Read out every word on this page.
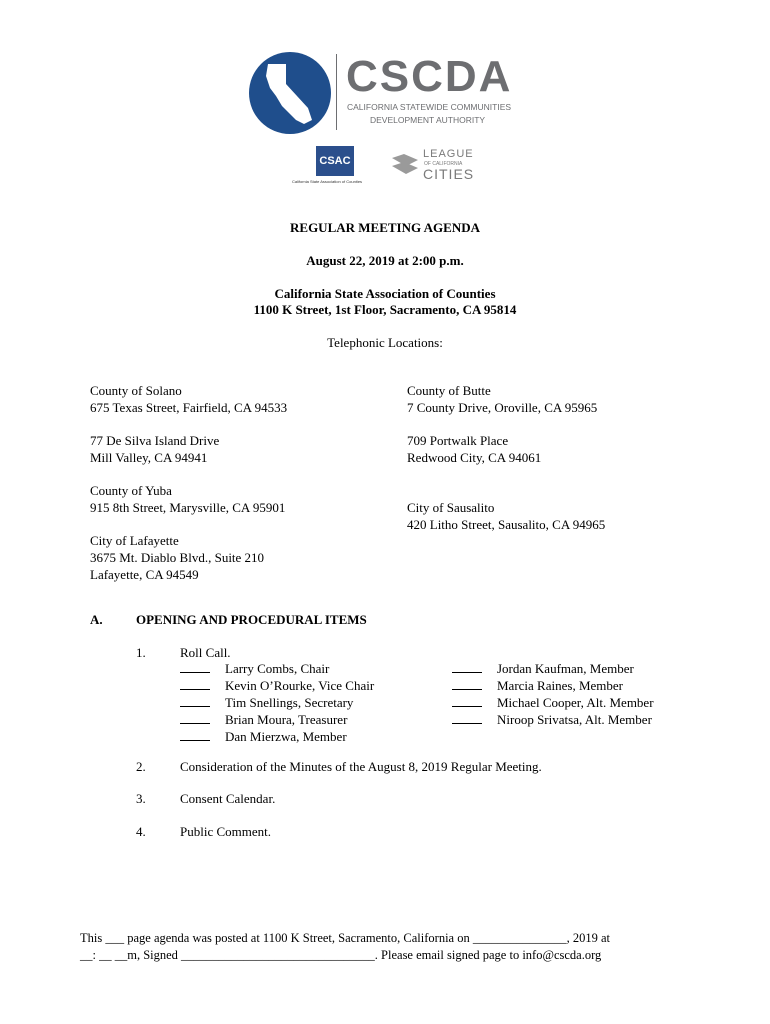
CSCDA
CALIFORNIA STATEWIDE COMMUNITIES
DEVELOPMENT AUTHORITY
CSAC
California State Association of Counties
LEAGUE
OF CALIFORNIA
CITIES
REGULAR MEETING AGENDA
August 22, 2019 at 2:00 p.m.
California State Association of Counties
1100 K Street, 1st Floor, Sacramento, CA 95814
Telephonic Locations:
County of Solano
675 Texas Street, Fairfield, CA 94533
77 De Silva Island Drive
Mill Valley, CA 94941
County of Yuba
915 8th Street, Marysville, CA 95901
City of Lafayette
3675 Mt. Diablo Blvd., Suite 210
Lafayette, CA 94549
County of Butte
7 County Drive, Oroville, CA 95965
709 Portwalk Place
Redwood City, CA 94061
City of Sausalito
420 Litho Street, Sausalito, CA 94965
A.	OPENING AND PROCEDURAL ITEMS
1.	Roll Call.
Larry Combs, Chair
Kevin O’Rourke, Vice Chair
Tim Snellings, Secretary
Brian Moura, Treasurer
Dan Mierzwa, Member
Jordan Kaufman, Member
Marcia Raines, Member
Michael Cooper, Alt. Member
Niroop Srivatsa, Alt. Member
2.	Consideration of the Minutes of the August 8, 2019 Regular Meeting.
3.	Consent Calendar.
4.	Public Comment.
This ___ page agenda was posted at 1100 K Street, Sacramento, California on _______________, 2019 at
__: __ __m, Signed _______________________________. Please email signed page to info@cscda.org
